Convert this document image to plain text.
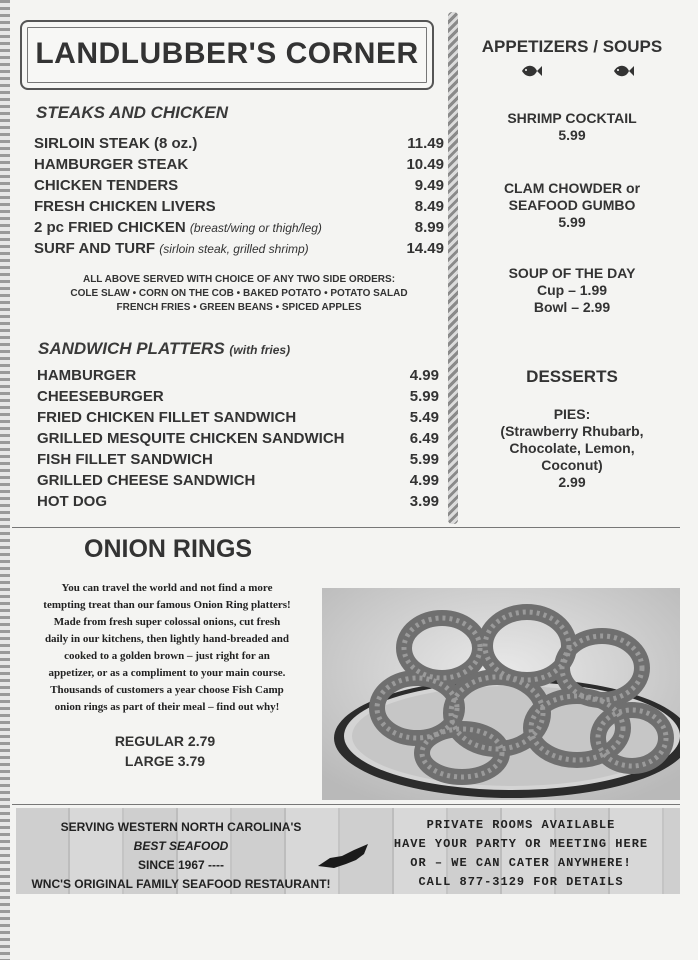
LANDLUBBER'S CORNER
STEAKS AND CHICKEN
SIRLOIN STEAK (8 oz.)	11.49
HAMBURGER STEAK	10.49
CHICKEN TENDERS	9.49
FRESH CHICKEN LIVERS	8.49
2 pc FRIED CHICKEN (breast/wing or thigh/leg)	8.99
SURF AND TURF (sirloin steak, grilled shrimp)	14.49
ALL ABOVE SERVED WITH CHOICE OF ANY TWO SIDE ORDERS:
COLE SLAW • CORN ON THE COB • BAKED POTATO • POTATO SALAD
FRENCH FRIES • GREEN BEANS • SPICED APPLES
SANDWICH PLATTERS (with fries)
HAMBURGER	4.99
CHEESEBURGER	5.99
FRIED CHICKEN FILLET SANDWICH	5.49
GRILLED MESQUITE CHICKEN SANDWICH	6.49
FISH FILLET SANDWICH	5.99
GRILLED CHEESE SANDWICH	4.99
HOT DOG	3.99
APPETIZERS / SOUPS
SHRIMP COCKTAIL
5.99
CLAM CHOWDER or
SEAFOOD GUMBO
5.99
SOUP OF THE DAY
Cup – 1.99
Bowl – 2.99
DESSERTS
PIES:
(Strawberry Rhubarb,
Chocolate, Lemon,
Coconut)
2.99
ONION RINGS
You can travel the world and not find a more
tempting treat than our famous Onion Ring platters!
Made from fresh super colossal onions, cut fresh
daily in our kitchens, then lightly hand-breaded and
cooked to a golden brown – just right for an
appetizer, or as a compliment to your main course.
Thousands of customers a year choose Fish Camp
onion rings as part of their meal – find out why!
REGULAR 2.79
LARGE 3.79
SERVING WESTERN NORTH CAROLINA'S
BEST SEAFOOD
SINCE 1967 ----
WNC'S ORIGINAL FAMILY SEAFOOD RESTAURANT!
PRIVATE ROOMS AVAILABLE
HAVE YOUR PARTY OR MEETING HERE
OR – WE CAN CATER ANYWHERE!
CALL 877-3129 FOR DETAILS
